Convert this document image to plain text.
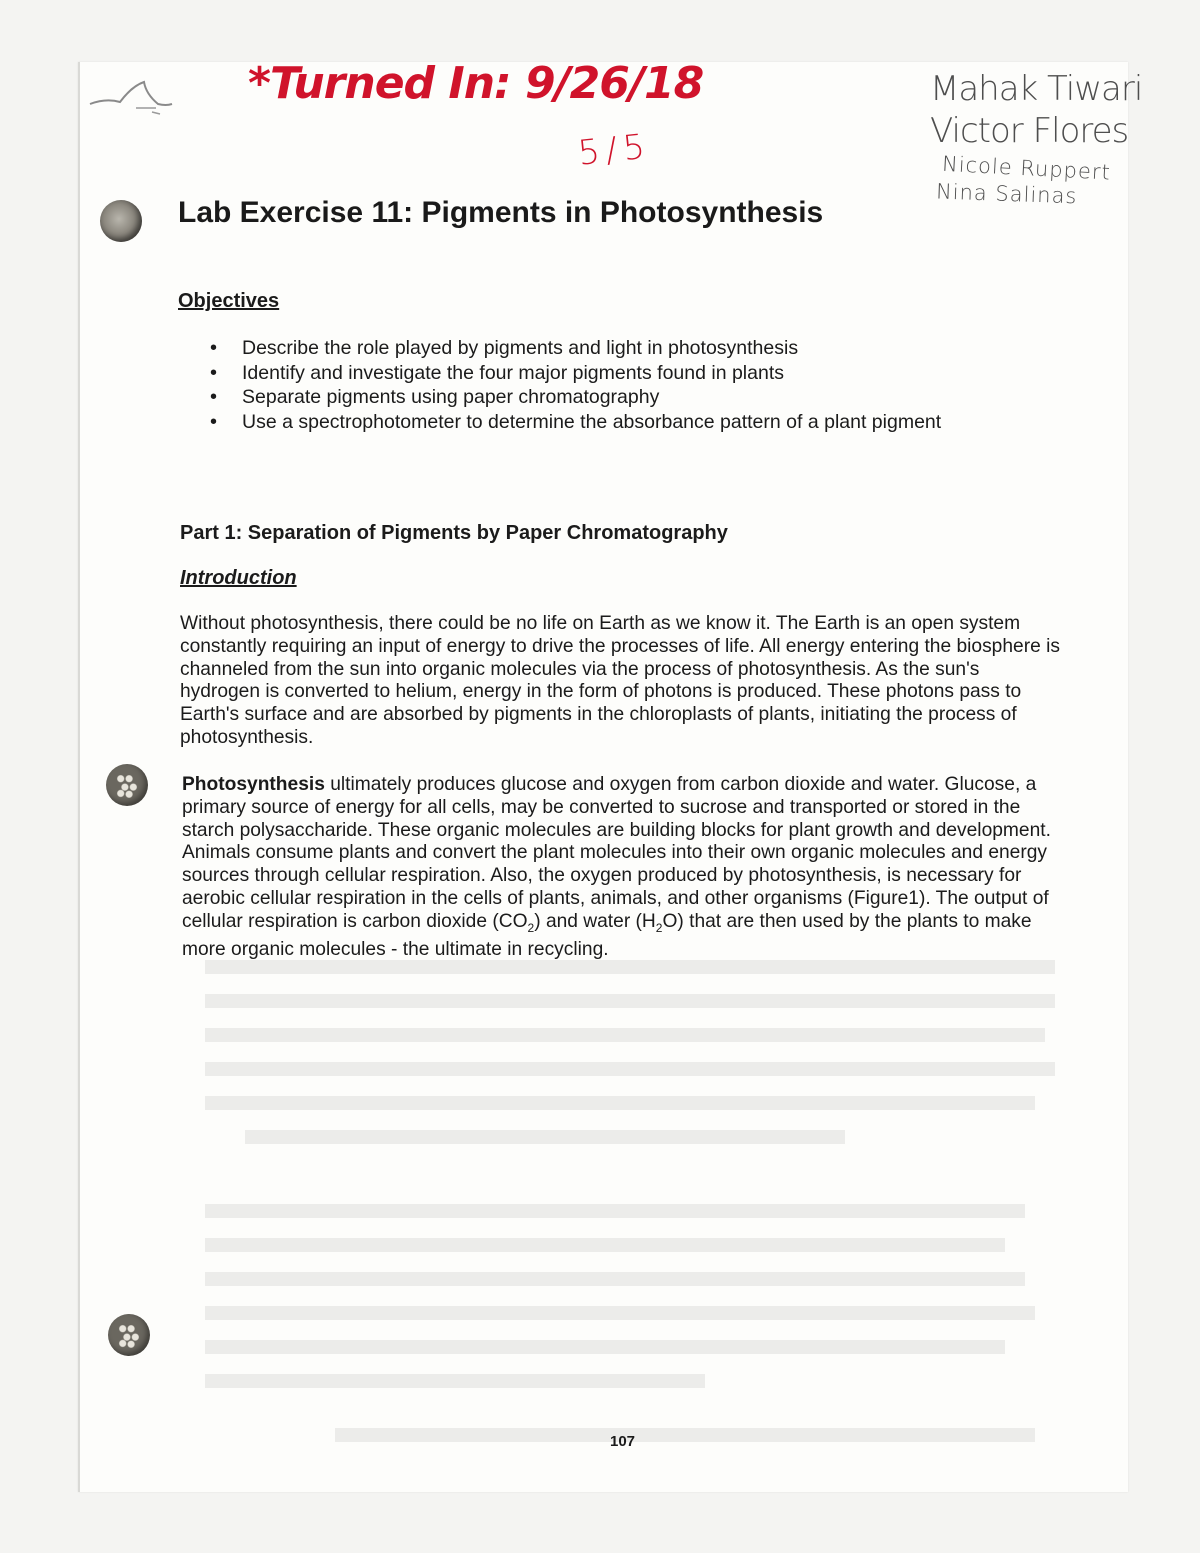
*Turned In: 9/26/18
5/5
Mahak Tiwari
Victor Flores
Nicole Ruppert
Nina Salinas
Lab Exercise 11: Pigments in Photosynthesis
Objectives
• Describe the role played by pigments and light in photosynthesis
• Identify and investigate the four major pigments found in plants
• Separate pigments using paper chromatography
• Use a spectrophotometer to determine the absorbance pattern of a plant pigment
Part 1: Separation of Pigments by Paper Chromatography
Introduction
Without photosynthesis, there could be no life on Earth as we know it. The Earth is an open system constantly requiring an input of energy to drive the processes of life. All energy entering the biosphere is channeled from the sun into organic molecules via the process of photosynthesis. As the sun's hydrogen is converted to helium, energy in the form of photons is produced. These photons pass to Earth's surface and are absorbed by pigments in the chloroplasts of plants, initiating the process of photosynthesis.
Photosynthesis ultimately produces glucose and oxygen from carbon dioxide and water. Glucose, a primary source of energy for all cells, may be converted to sucrose and transported or stored in the starch polysaccharide. These organic molecules are building blocks for plant growth and development. Animals consume plants and convert the plant molecules into their own organic molecules and energy sources through cellular respiration. Also, the oxygen produced by photosynthesis, is necessary for aerobic cellular respiration in the cells of plants, animals, and other organisms (Figure1). The output of cellular respiration is carbon dioxide $(CO_2)$ and water $(H_2O)$ that are then used by the plants to make more organic molecules - the ultimate in recycling.
107
